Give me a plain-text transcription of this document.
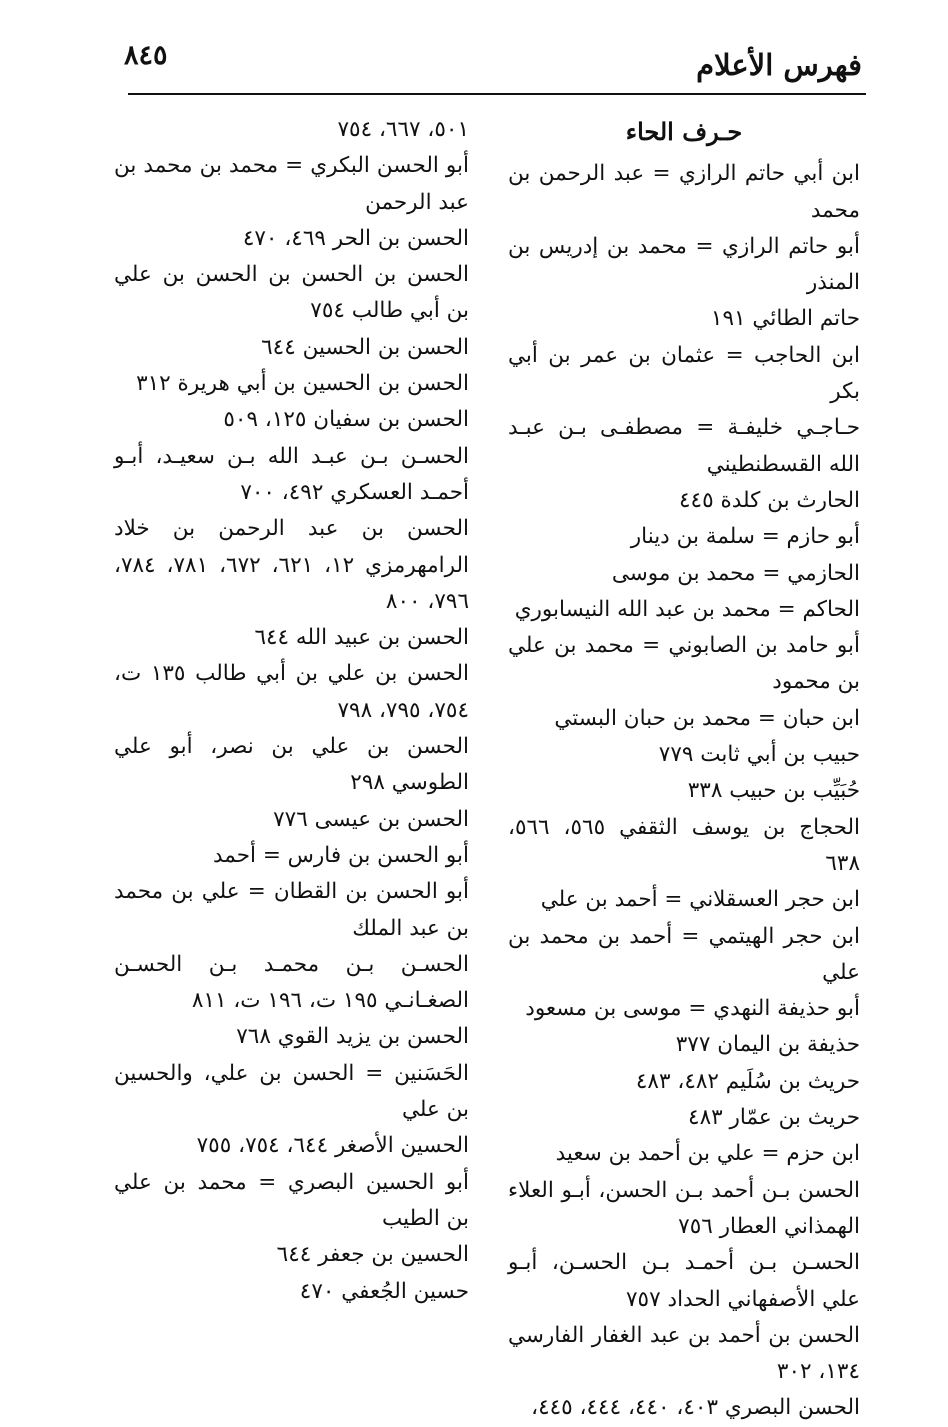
٨٤٥	فهرس الأعلام
حـرف الحاء
ابن أبي حاتم الرازي = عبد الرحمن بن محمد
أبو حاتم الرازي = محمد بن إدريس بن المنذر
حاتم الطائي ١٩١
ابن الحاجب = عثمان بن عمر بن أبي بكر
حـاجـي خليفـة = مصطفـى بـن عبـد الله القسطنطيني
الحارث بن كلدة ٤٤٥
أبو حازم = سلمة بن دينار
الحازمي = محمد بن موسى
الحاكم = محمد بن عبد الله النيسابوري
أبو حامد بن الصابوني = محمد بن علي بن محمود
ابن حبان = محمد بن حبان البستي
حبيب بن أبي ثابت ٧٧٩
حُبَيِّب بن حبيب ٣٣٨
الحجاج بن يوسف الثقفي ٥٦٥، ٥٦٦، ٦٣٨
ابن حجر العسقلاني = أحمد بن علي
ابن حجر الهيتمي = أحمد بن محمد بن علي
أبو حذيفة النهدي = موسى بن مسعود
حذيفة بن اليمان ٣٧٧
حريث بن سُلَيم ٤٨٢، ٤٨٣
حريث بن عمّار ٤٨٣
ابن حزم = علي بن أحمد بن سعيد
الحسن بـن أحمد بـن الحسن، أبـو العلاء الهمذاني العطار ٧٥٦
الحسـن بـن أحمـد بـن الحسـن، أبـو علي الأصفهاني الحداد ٧٥٧
الحسن بن أحمد بن عبد الغفار الفارسي ١٣٤، ٣٠٢
الحسن البصري ٤٠٣، ٤٤٠، ٤٤٤، ٤٤٥،
٥٠١، ٦٦٧، ٧٥٤
أبو الحسن البكري = محمد بن محمد بن عبد الرحمن
الحسن بن الحر ٤٦٩، ٤٧٠
الحسن بن الحسن بن الحسن بن علي بن أبي طالب ٧٥٤
الحسن بن الحسين ٦٤٤
الحسن بن الحسين بن أبي هريرة ٣١٢
الحسن بن سفيان ١٢٥، ٥٠٩
الحسـن بـن عبـد الله بـن سعيـد، أبـو أحمـد العسكري ٤٩٢، ٧٠٠
الحسن بن عبد الرحمن بن خلاد الرامهرمزي ١٢، ٦٢١، ٦٧٢، ٧٨١، ٧٨٤، ٧٩٦، ٨٠٠
الحسن بن عبيد الله ٦٤٤
الحسن بن علي بن أبي طالب ١٣٥ ت، ٧٥٤، ٧٩٥، ٧٩٨
الحسن بن علي بن نصر، أبو علي الطوسي ٢٩٨
الحسن بن عيسى ٧٧٦
أبو الحسن بن فارس = أحمد
أبو الحسن بن القطان = علي بن محمد بن عبد الملك
الحسـن بـن محمـد بـن الحسـن الصغـانـي ١٩٥ ت، ١٩٦ ت، ٨١١
الحسن بن يزيد القوي ٧٦٨
الحَسَنين = الحسن بن علي، والحسين بن علي
الحسين الأصغر ٦٤٤، ٧٥٤، ٧٥٥
أبو الحسين البصري = محمد بن علي بن الطيب
الحسين بن جعفر ٦٤٤
حسين الجُعفي ٤٧٠
